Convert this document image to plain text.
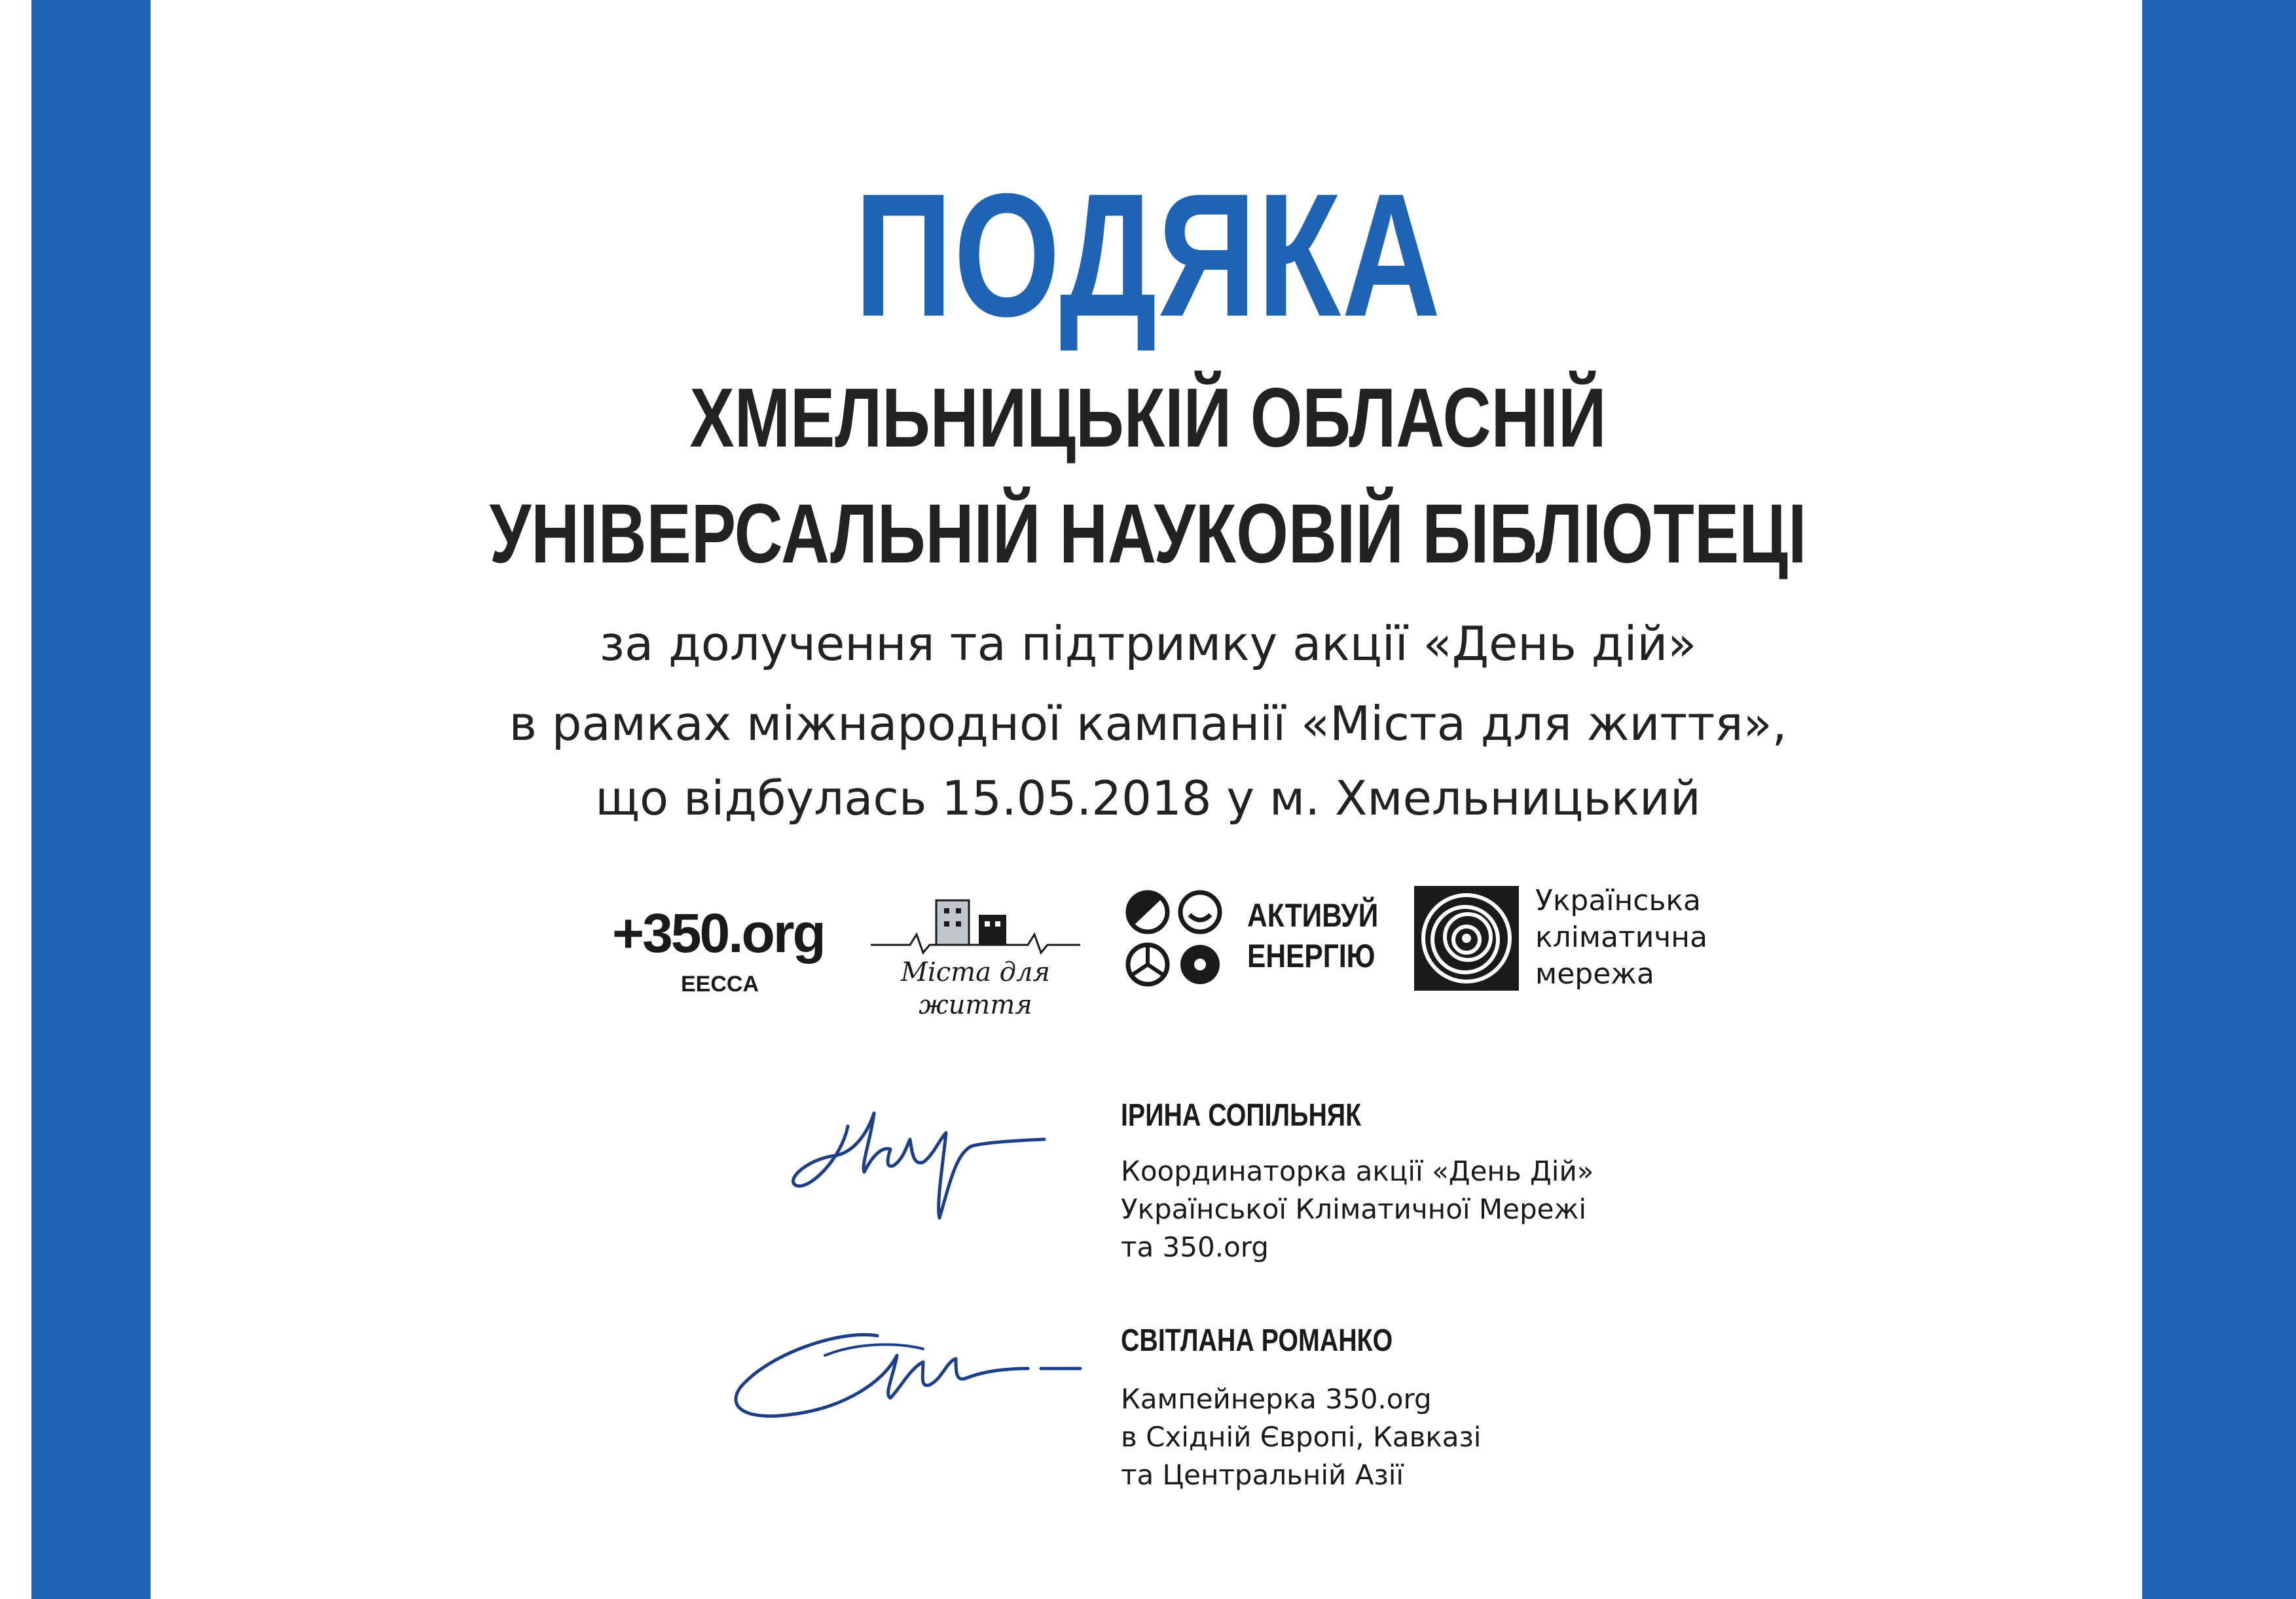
ПОДЯКА
ХМЕЛЬНИЦЬКІЙ ОБЛАСНІЙ
УНІВЕРСАЛЬНІЙ НАУКОВІЙ БІБЛІОТЕЦІ
за долучення та підтримку акції «День дій»
в рамках міжнародної кампанії «Міста для життя»,
що відбулась 15.05.2018 у м. Хмельницький
+350.org
EECCA	Міста для життя
АКТИВУЙ
ЕНЕРГІЮ
Українська
кліматична
мережа
ІРИНА СОПІЛЬНЯК
Координаторка акції «День Дій»
Української Кліматичної Мережі
та 350.org
СВІТЛАНА РОМАНКО
Кампейнерка 350.org
в Східній Європі, Кавказі
та Центральній Азії
